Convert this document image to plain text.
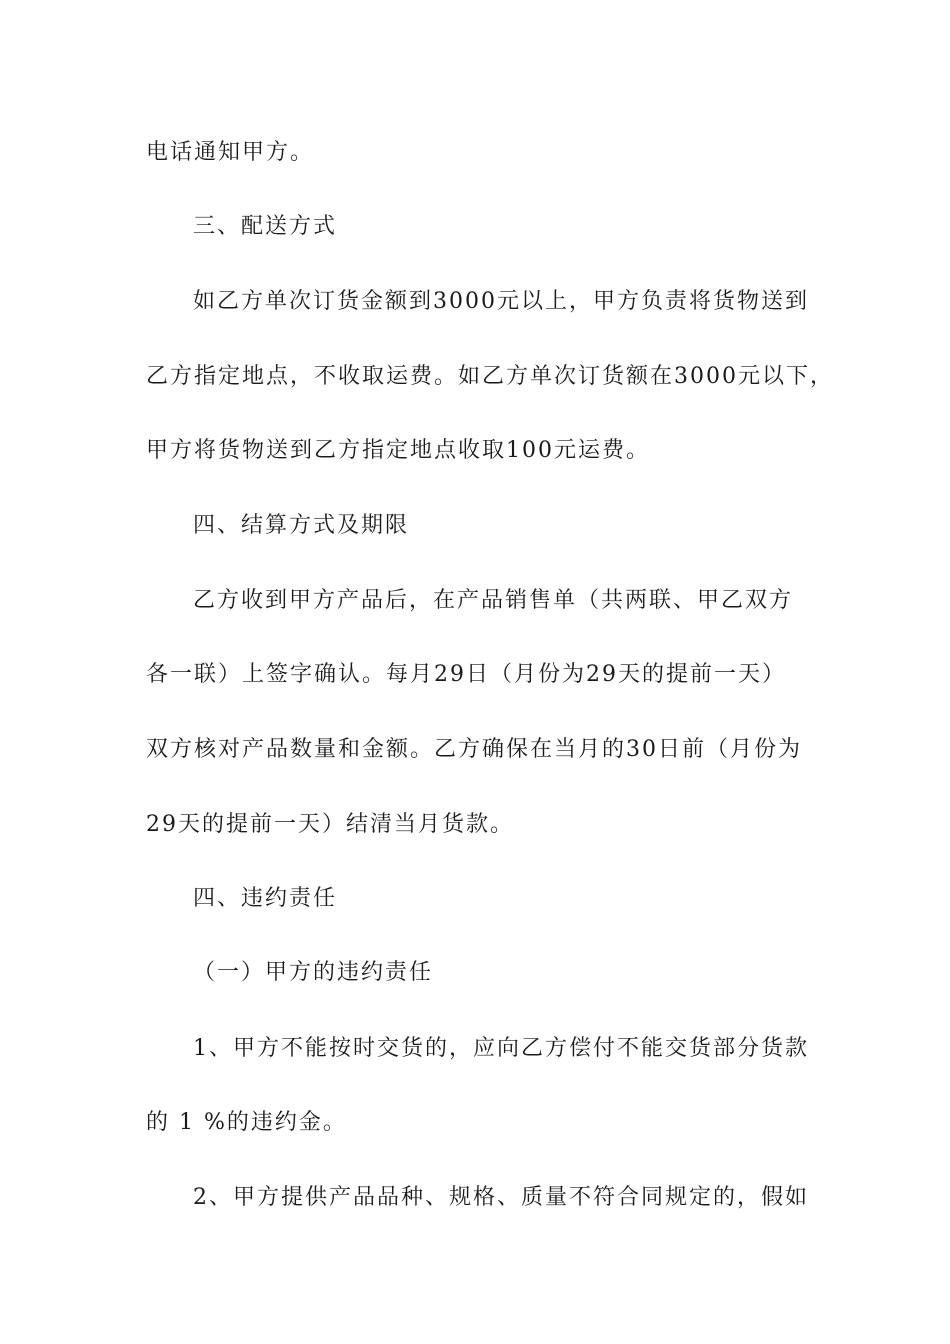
电话通知甲方。
三、配送方式
如乙方单次订货金额到3000元以上，甲方负责将货物送到
乙方指定地点，不收取运费。如乙方单次订货额在3000元以下，
甲方将货物送到乙方指定地点收取100元运费。
四、结算方式及期限
乙方收到甲方产品后，在产品销售单（共两联、甲乙双方
各一联）上签字确认。每月29日（月份为29天的提前一天）
双方核对产品数量和金额。乙方确保在当月的30日前（月份为
29天的提前一天）结清当月货款。
四、违约责任
（一）甲方的违约责任
1、甲方不能按时交货的，应向乙方偿付不能交货部分货款
的 1 %的违约金。
2、甲方提供产品品种、规格、质量不符合同规定的，假如
